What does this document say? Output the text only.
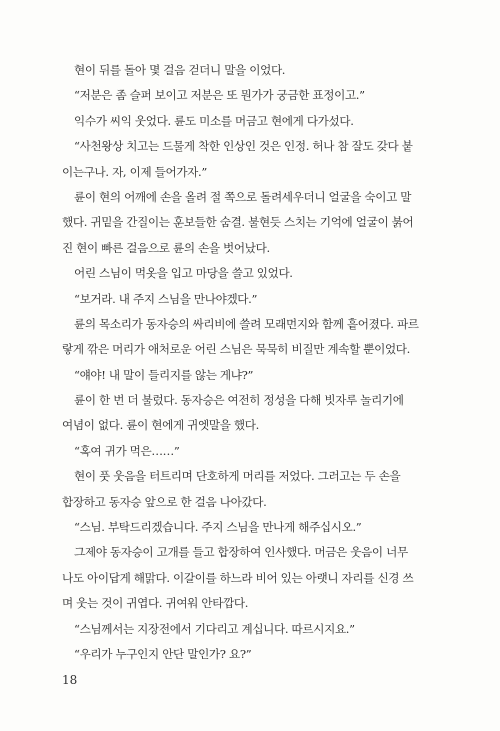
현이 뒤를 돌아 몇 걸음 걷더니 말을 이었다.
“저분은 좀 슬퍼 보이고 저분은 또 뭔가가 궁금한 표정이고.”
익수가 씨익 웃었다. 륜도 미소를 머금고 현에게 다가섰다.
“사천왕상 치고는 드물게 착한 인상인 것은 인정. 허나 참 잘도 갖다 붙
이는구나. 자, 이제 들어가자.”
륜이 현의 어깨에 손을 올려 절 쪽으로 돌려세우더니 얼굴을 숙이고 말
했다. 귀밑을 간질이는 훈보들한 숨결. 불현듯 스치는 기억에 얼굴이 붉어
진 현이 빠른 걸음으로 륜의 손을 벗어났다.
어린 스님이 먹옷을 입고 마당을 쓸고 있었다.
“보거라. 내 주지 스님을 만나야겠다.”
륜의 목소리가 동자승의 싸리비에 쓸려 모래먼지와 함께 흩어졌다. 파르
랗게 깎은 머리가 애처로운 어린 스님은 묵묵히 비질만 계속할 뿐이었다.
“얘야! 내 말이 들리지를 않는 게냐?”
륜이 한 번 더 불렀다. 동자승은 여전히 정성을 다해 빗자루 놀리기에
여념이 없다. 륜이 현에게 귀엣말을 했다.
“혹여 귀가 먹은……”
현이 풋 웃음을 터트리며 단호하게 머리를 저었다. 그러고는 두 손을
합장하고 동자승 앞으로 한 걸음 나아갔다.
“스님. 부탁드리겠습니다. 주지 스님을 만나게 해주십시오.”
그제야 동자승이 고개를 들고 합장하여 인사했다. 머금은 웃음이 너무
나도 아이답게 해맑다. 이갈이를 하느라 비어 있는 아랫니 자리를 신경 쓰
며 웃는 것이 귀엽다. 귀여워 안타깝다.
“스님께서는 지장전에서 기다리고 계십니다. 따르시지요.”
“우리가 누구인지 안단 말인가? 요?”
18
